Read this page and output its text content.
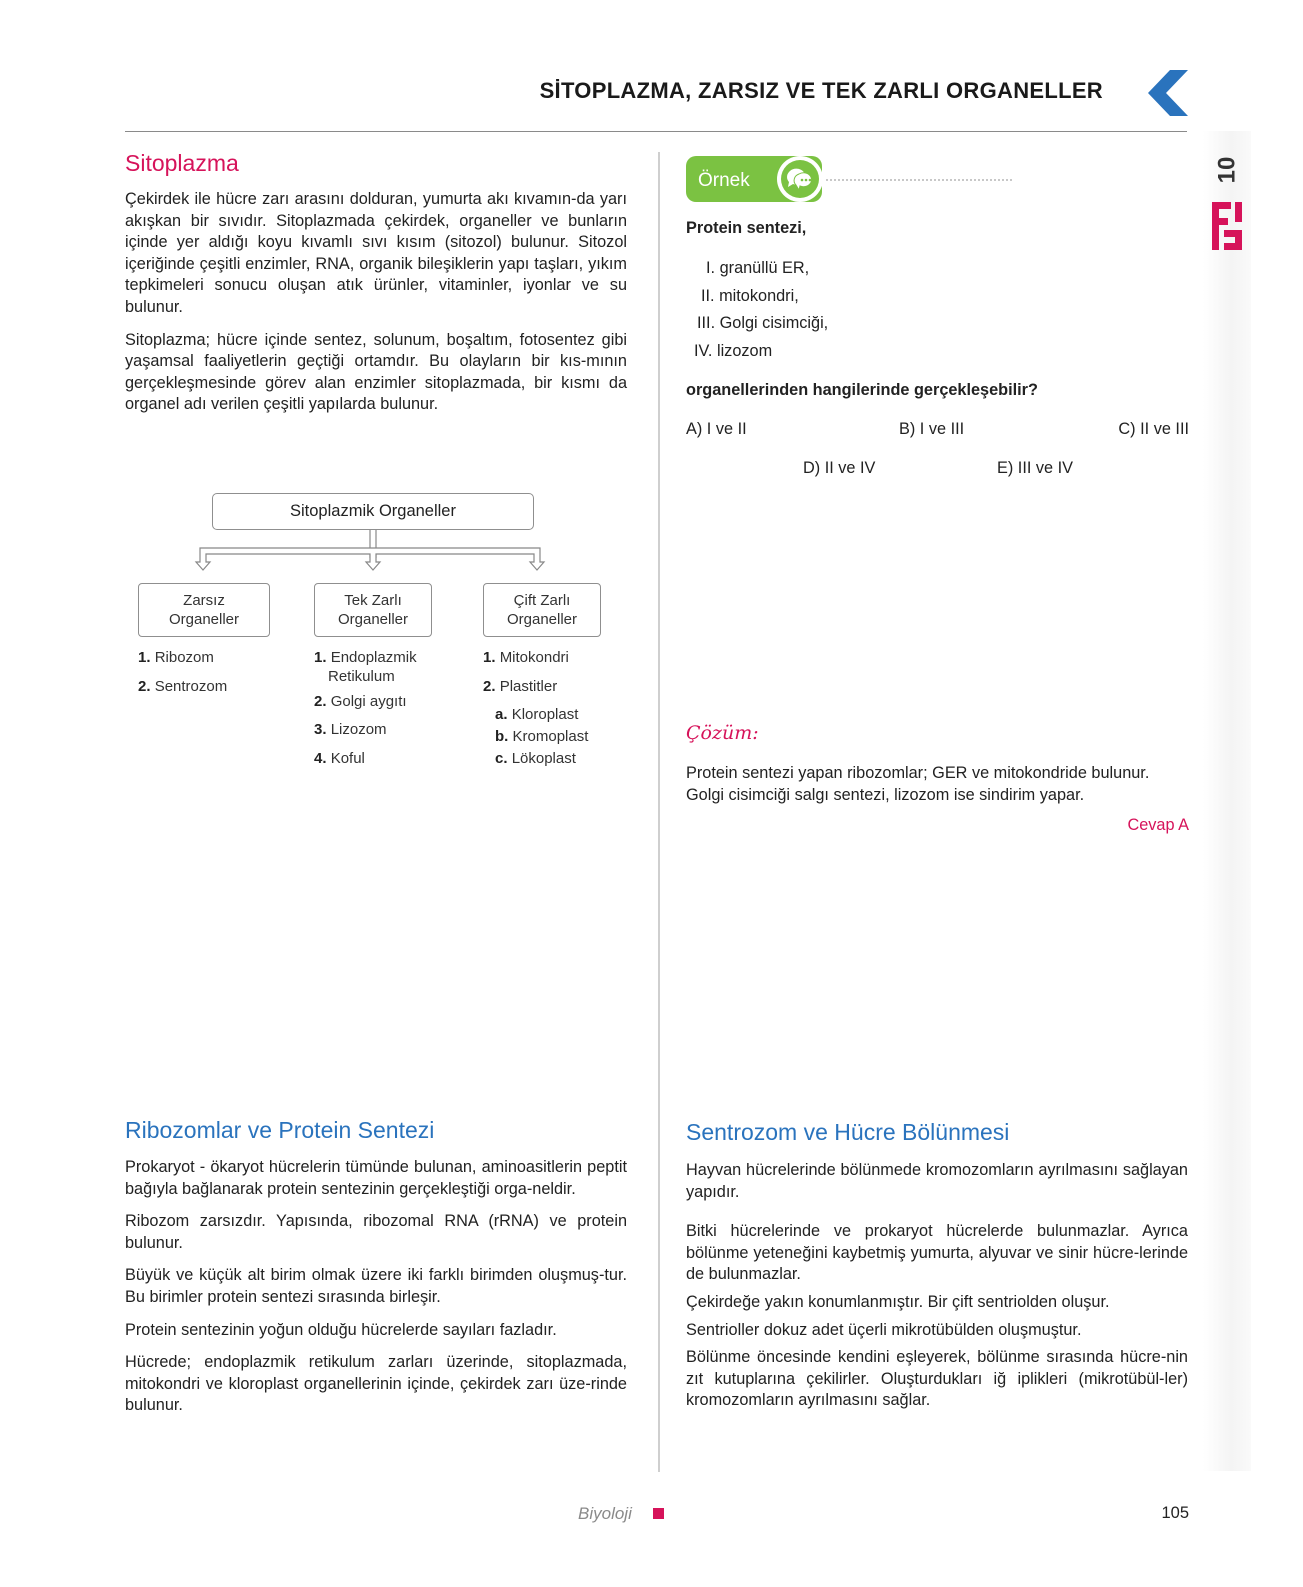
SİTOPLAZMA, ZARSIZ VE TEK ZARLI ORGANELLER
10
Sitoplazma

Çekirdek ile hücre zarı arasını dolduran, yumurta akı kıvamın-da yarı akışkan bir sıvıdır. Sitoplazmada çekirdek, organeller ve bunların içinde yer aldığı koyu kıvamlı sıvı kısım (sitozol) bulunur. Sitozol içeriğinde çeşitli enzimler, RNA, organik bileşiklerin yapı taşları, yıkım tepkimeleri sonucu oluşan atık ürünler, vitaminler, iyonlar ve su bulunur.

Sitoplazma; hücre içinde sentez, solunum, boşaltım, fotosentez gibi yaşamsal faaliyetlerin geçtiği ortamdır. Bu olayların bir kıs-mının gerçekleşmesinde görev alan enzimler sitoplazmada, bir kısmı da organel adı verilen çeşitli yapılarda bulunur.

Sitoplazmik Organeller
Zarsız
Organeller
Tek Zarlı
Organeller
Çift Zarlı
Organeller
1. Ribozom
2. Sentrozom
1. Endoplazmik
Retikulum
2. Golgi aygıtı
3. Lizozom
4. Koful
1. Mitokondri
2. Plastitler
a. Kloroplast
b. Kromoplast
c. Lökoplast
Örnek
Protein sentezi,
I. granüllü ER,
II. mitokondri,
III. Golgi cisimciği,
IV. lizozom
organellerinden hangilerinde gerçekleşebilir?
A) I ve II	B) I ve III	C) II ve III
D) II ve IV	E) III ve IV
Çözüm:
Protein sentezi yapan ribozomlar; GER ve mitokondride bulunur. Golgi cisimciği salgı sentezi, lizozom ise sindirim yapar.
Cevap A
Ribozomlar ve Protein Sentezi

Prokaryot - ökaryot hücrelerin tümünde bulunan, aminoasitlerin peptit bağıyla bağlanarak protein sentezinin gerçekleştiği orga-neldir.

Ribozom zarsızdır. Yapısında, ribozomal RNA (rRNA) ve protein bulunur.

Büyük ve küçük alt birim olmak üzere iki farklı birimden oluşmuş-tur. Bu birimler protein sentezi sırasında birleşir.

Protein sentezinin yoğun olduğu hücrelerde sayıları fazladır.

Hücrede; endoplazmik retikulum zarları üzerinde, sitoplazmada, mitokondri ve kloroplast organellerinin içinde, çekirdek zarı üze-rinde bulunur.

Sentrozom ve Hücre Bölünmesi

Hayvan hücrelerinde bölünmede kromozomların ayrılmasını sağlayan yapıdır.

Bitki hücrelerinde ve prokaryot hücrelerde bulunmazlar. Ayrıca bölünme yeteneğini kaybetmiş yumurta, alyuvar ve sinir hücre-lerinde de bulunmazlar.

Çekirdeğe yakın konumlanmıştır. Bir çift sentriolden oluşur.

Sentrioller dokuz adet üçerli mikrotübülden oluşmuştur.

Bölünme öncesinde kendini eşleyerek, bölünme sırasında hücre-nin zıt kutuplarına çekilirler. Oluşturdukları iğ iplikleri (mikrotübül-ler) kromozomların ayrılmasını sağlar.

Biyoloji	105
